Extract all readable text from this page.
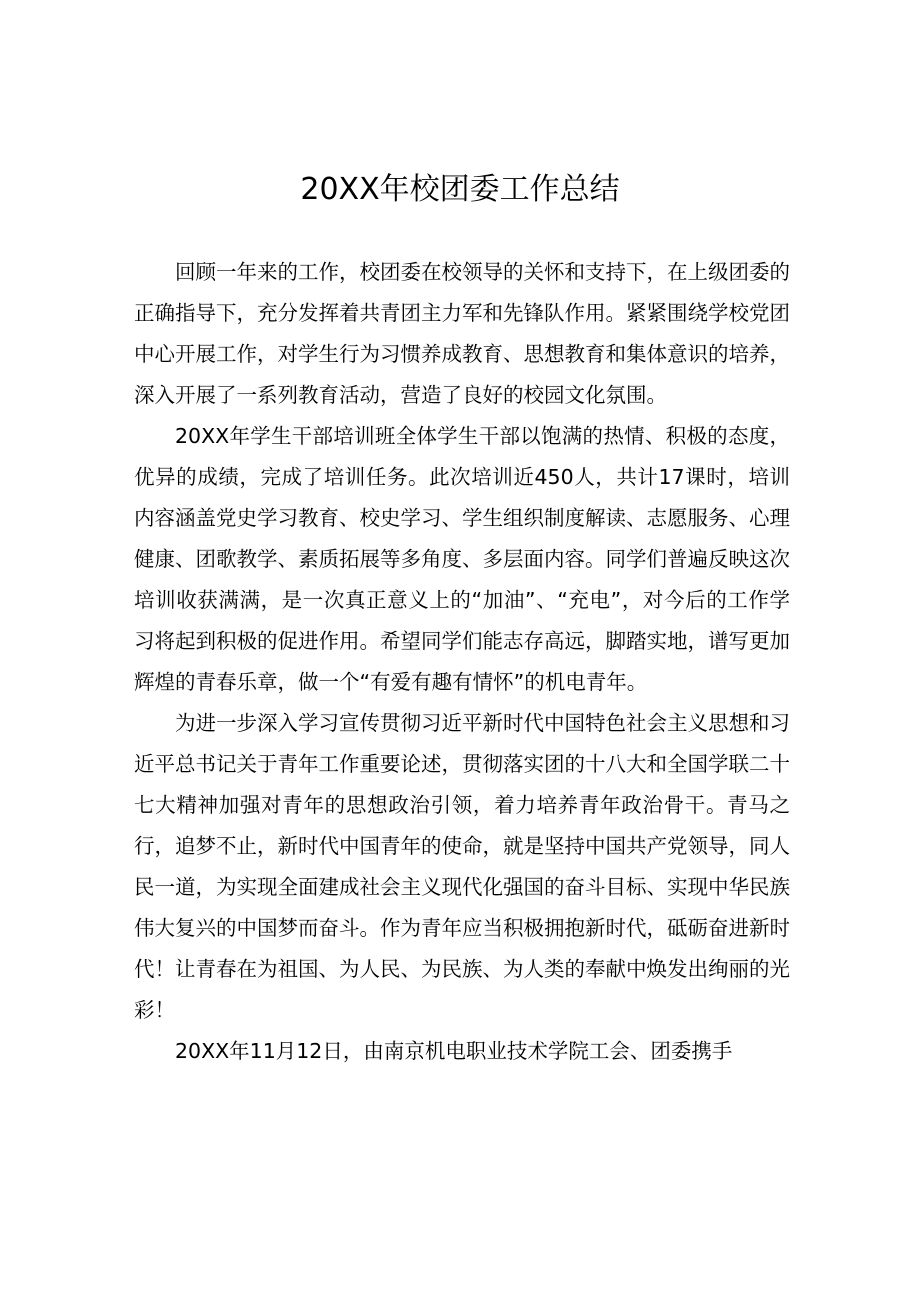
20XX年校团委工作总结

回顾一年来的工作，校团委在校领导的关怀和支持下，在上级团委的正确指导下，充分发挥着共青团主力军和先锋队作用。紧紧围绕学校党团中心开展工作，对学生行为习惯养成教育、思想教育和集体意识的培养，深入开展了一系列教育活动，营造了良好的校园文化氛围。

20XX年学生干部培训班全体学生干部以饱满的热情、积极的态度，优异的成绩，完成了培训任务。此次培训近450人，共计17课时，培训内容涵盖党史学习教育、校史学习、学生组织制度解读、志愿服务、心理健康、团歌教学、素质拓展等多角度、多层面内容。同学们普遍反映这次培训收获满满，是一次真正意义上的“加油”、“充电”，对今后的工作学习将起到积极的促进作用。希望同学们能志存高远，脚踏实地，谱写更加辉煌的青春乐章，做一个“有爱有趣有情怀”的机电青年。

为进一步深入学习宣传贯彻习近平新时代中国特色社会主义思想和习近平总书记关于青年工作重要论述，贯彻落实团的十八大和全国学联二十七大精神加强对青年的思想政治引领，着力培养青年政治骨干。青马之行，追梦不止，新时代中国青年的使命，就是坚持中国共产党领导，同人民一道，为实现全面建成社会主义现代化强国的奋斗目标、实现中华民族伟大复兴的中国梦而奋斗。作为青年应当积极拥抱新时代，砥砺奋进新时代！让青春在为祖国、为人民、为民族、为人类的奉献中焕发出绚丽的光彩！

20XX年11月12日，由南京机电职业技术学院工会、团委携手
